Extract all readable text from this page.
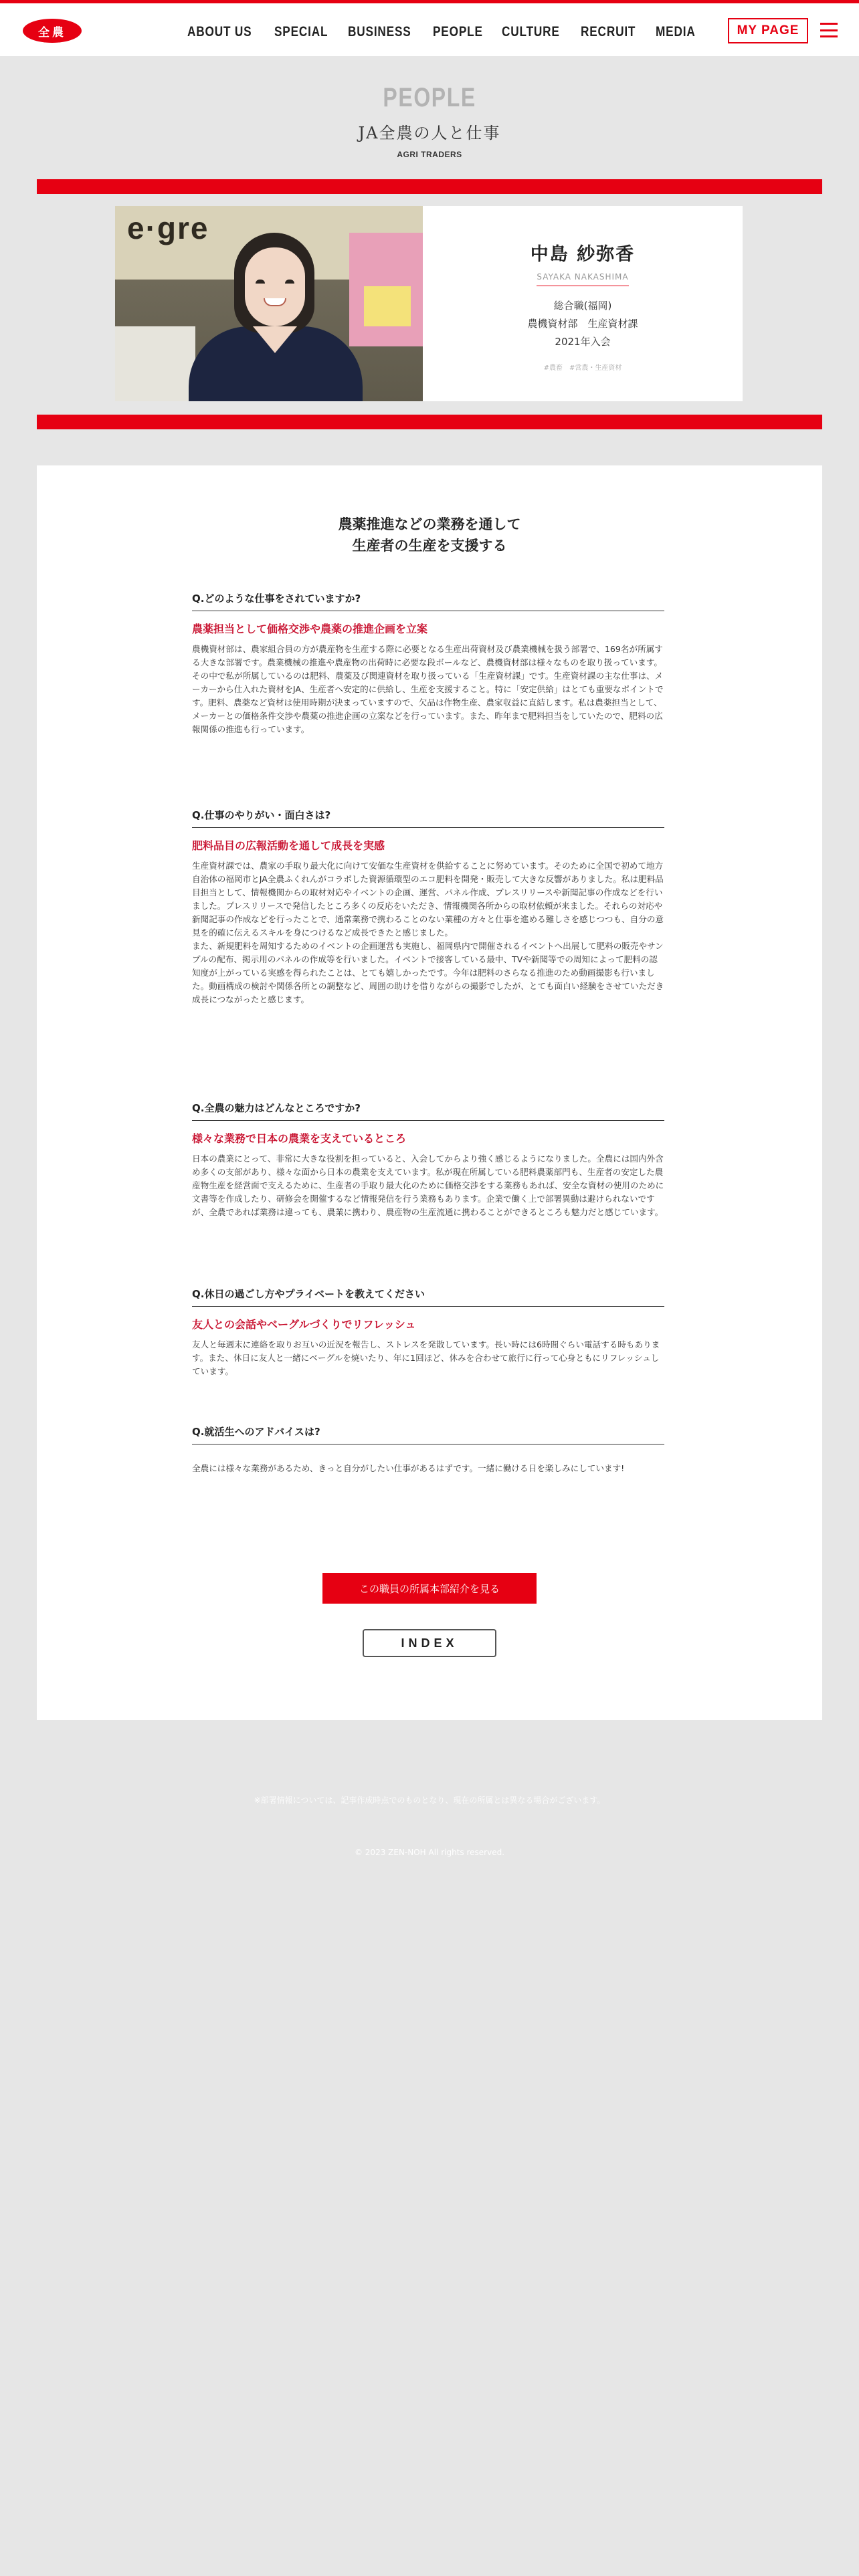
全農	ABOUT US SPECIAL BUSINESS PEOPLE CULTURE RECRUIT MEDIA	MY PAGE
PEOPLE
JA全農の人と仕事
AGRI TRADERS
e·gre
中島 紗弥香
SAYAKA NAKASHIMA
総合職(福岡)
農機資材部　生産資材課
2021年入会
#農畜　#営農・生産資材
農薬推進などの業務を通して
生産者の生産を支援する
Q.どのような仕事をされていますか?
農薬担当として価格交渉や農薬の推進企画を立案
農機資材部は、農家組合員の方が農産物を生産する際に必要となる生産出荷資材及び農業機械を扱う部署で、169名が所属する大きな部署です。農業機械の推進や農産物の出荷時に必要な段ボールなど、農機資材部は様々なものを取り扱っています。その中で私が所属しているのは肥料、農薬及び関連資材を取り扱っている「生産資材課」です。生産資材課の主な仕事は、メーカーから仕入れた資材をJA、生産者へ安定的に供給し、生産を支援すること。特に「安定供給」はとても重要なポイントです。肥料、農薬など資材は使用時期が決まっていますので、欠品は作物生産、農家収益に直結します。私は農薬担当として、メーカーとの価格条件交渉や農薬の推進企画の立案などを行っています。また、昨年まで肥料担当をしていたので、肥料の広報関係の推進も行っています。
Q.仕事のやりがい・面白さは?
肥料品目の広報活動を通して成長を実感
生産資材課では、農家の手取り最大化に向けて安価な生産資材を供給することに努めています。そのために全国で初めて地方自治体の福岡市とJA全農ふくれんがコラボした資源循環型のエコ肥料を開発・販売して大きな反響がありました。私は肥料品目担当として、情報機関からの取材対応やイベントの企画、運営、パネル作成、プレスリリースや新聞記事の作成などを行いました。プレスリリースで発信したところ多くの反応をいただき、情報機関各所からの取材依頼が来ました。それらの対応や新聞記事の作成などを行ったことで、通常業務で携わることのない業種の方々と仕事を進める難しさを感じつつも、自分の意見を的確に伝えるスキルを身につけるなど成長できたと感じました。
また、新規肥料を周知するためのイベントの企画運営も実施し、福岡県内で開催されるイベントへ出展して肥料の販売やサンプルの配布、掲示用のパネルの作成等を行いました。イベントで接客している最中、TVや新聞等での周知によって肥料の認知度が上がっている実感を得られたことは、とても嬉しかったです。今年は肥料のさらなる推進のため動画撮影も行いました。動画構成の検討や関係各所との調整など、周囲の助けを借りながらの撮影でしたが、とても面白い経験をさせていただき成長につながったと感じます。
Q.全農の魅力はどんなところですか?
様々な業務で日本の農業を支えているところ
日本の農業にとって、非常に大きな役割を担っていると、入会してからより強く感じるようになりました。全農には国内外含め多くの支部があり、様々な面から日本の農業を支えています。私が現在所属している肥料農薬部門も、生産者の安定した農産物生産を経営面で支えるために、生産者の手取り最大化のために価格交渉をする業務もあれば、安全な資材の使用のために文書等を作成したり、研修会を開催するなど情報発信を行う業務もあります。企業で働く上で部署異動は避けられないですが、全農であれば業務は違っても、農業に携わり、農産物の生産流通に携わることができるところも魅力だと感じています。
Q.休日の過ごし方やプライベートを教えてください
友人との会話やベーグルづくりでリフレッシュ
友人と毎週末に連絡を取りお互いの近況を報告し、ストレスを発散しています。長い時には6時間ぐらい電話する時もあります。また、休日に友人と一緒にベーグルを焼いたり、年に1回ほど、休みを合わせて旅行に行って心身ともにリフレッシュしています。
Q.就活生へのアドバイスは?
全農には様々な業務があるため、きっと自分がしたい仕事があるはずです。一緒に働ける日を楽しみにしています!
この職員の所属本部紹介を見る
INDEX
※部署情報については、記事作成時点でのものとなり、現在の所属とは異なる場合がございます。
© 2023 ZEN-NOH All rights reserved.
